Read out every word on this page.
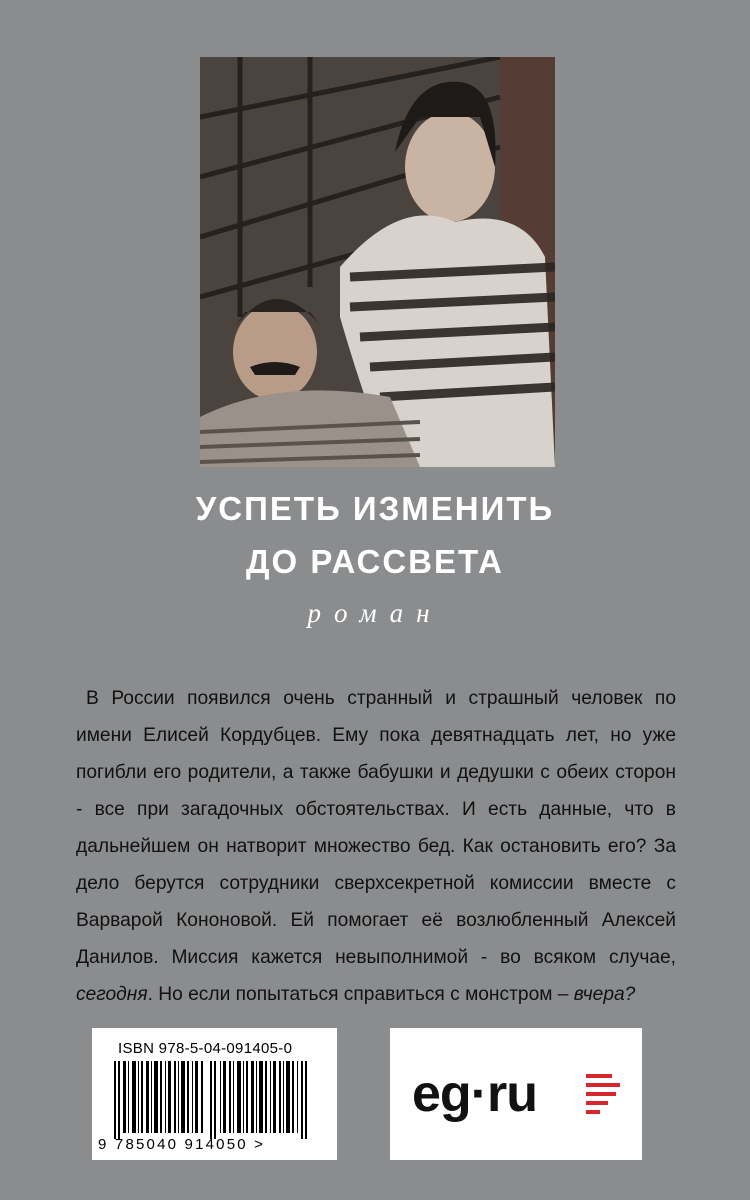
УСПЕТЬ ИЗМЕНИТЬ
ДО РАССВЕТА
роман
В России появился очень странный и страшный человек по имени Елисей Кордубцев. Ему пока девятнадцать лет, но уже погибли его родители, а также бабушки и дедушки с обеих сторон - все при загадочных обстоятельствах. И есть данные, что в дальнейшем он натворит множество бед. Как остановить его? За дело берутся сотрудники сверхсекретной комиссии вместе с Варварой Кононовой. Ей помогает её возлюбленный Алексей Данилов. Миссия кажется невыполнимой - во всяком случае, сегодня. Но если попытаться справиться с монстром – вчера?
ISBN 978-5-04-091405-0
9 785040 914050 >
eg·ru
